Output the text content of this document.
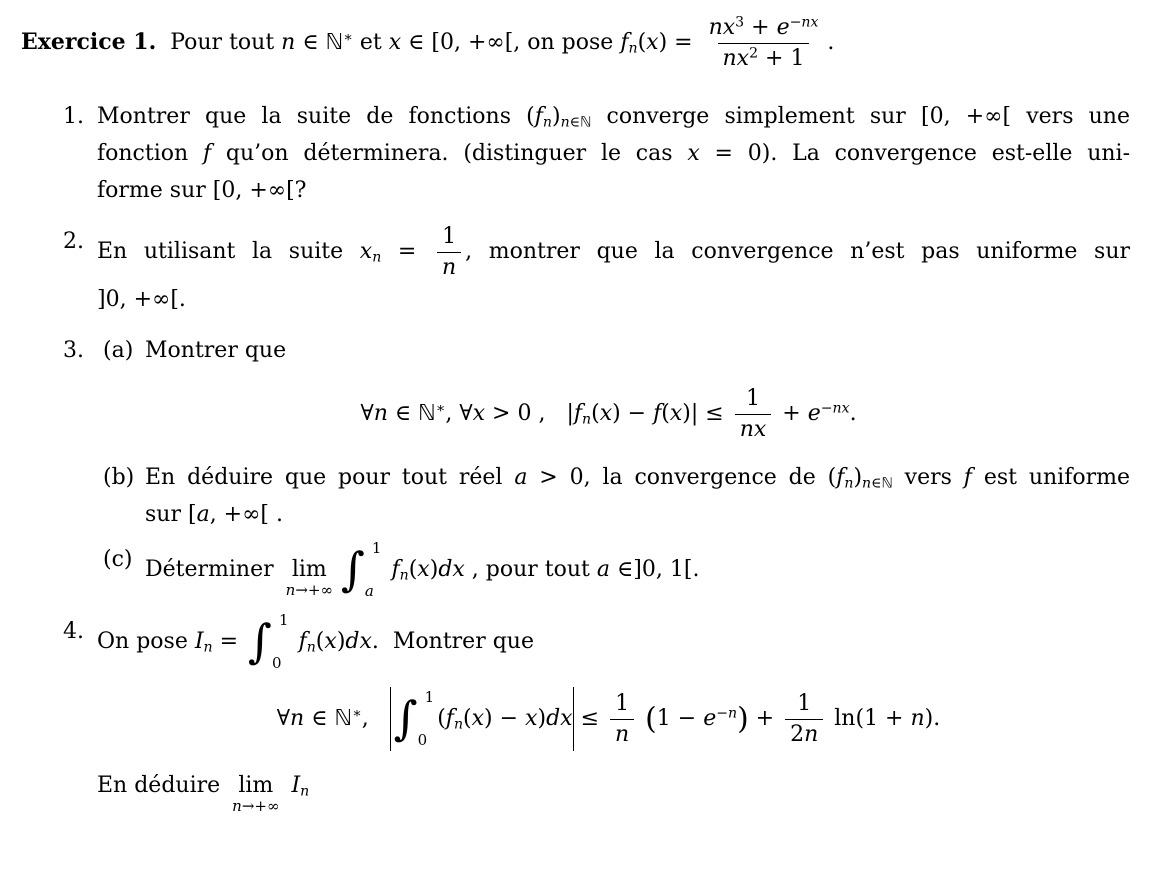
Exercice 1.  Pour tout n ∈ ℕ∗ et x ∈ [0, +∞[, on pose $f_n(x) = \frac{nx^3 + e^{-nx}}{nx^2 + 1}$ .

1. Montrer que la suite de fonctions $(f_n)_{n\in ℕ}$ converge simplement sur [0, +∞[ vers une
fonction f qu’on déterminera. (distinguer le cas x = 0). La convergence est-elle uni-
forme sur [0, +∞[?
2. En utilisant la suite $x_n = \frac{1}{n}$ , montrer que la convergence n’est pas uniforme sur
]0, +∞[.
3. (a) Montrer que
∀n ∈ ℕ∗, ∀x > 0 ,   $|f_n(x) - f(x)| \le \frac{1}{nx} + e^{-nx}$.
(b) En déduire que pour tout réel a > 0, la convergence de $(f_n)_{n\in ℕ}$ vers f est uniforme
sur [a, +∞[ .
(c) Déterminer lim
n→+∞ ∫ 1
a
$f_n(x)dx$ , pour tout a ∈]0, 1[.
4. On pose $I_n$ = ∫ 1
0
$f_n(x)dx$.  Montrer que
∀n ∈ ℕ∗, ∫ 1
0
$(f_n(x) - x)dx \le \frac{1}{n} (1 - e^{-n}) + \frac{1}{2n} \ln(1 + n)$.
En déduire lim
n→+∞
$I_n$
